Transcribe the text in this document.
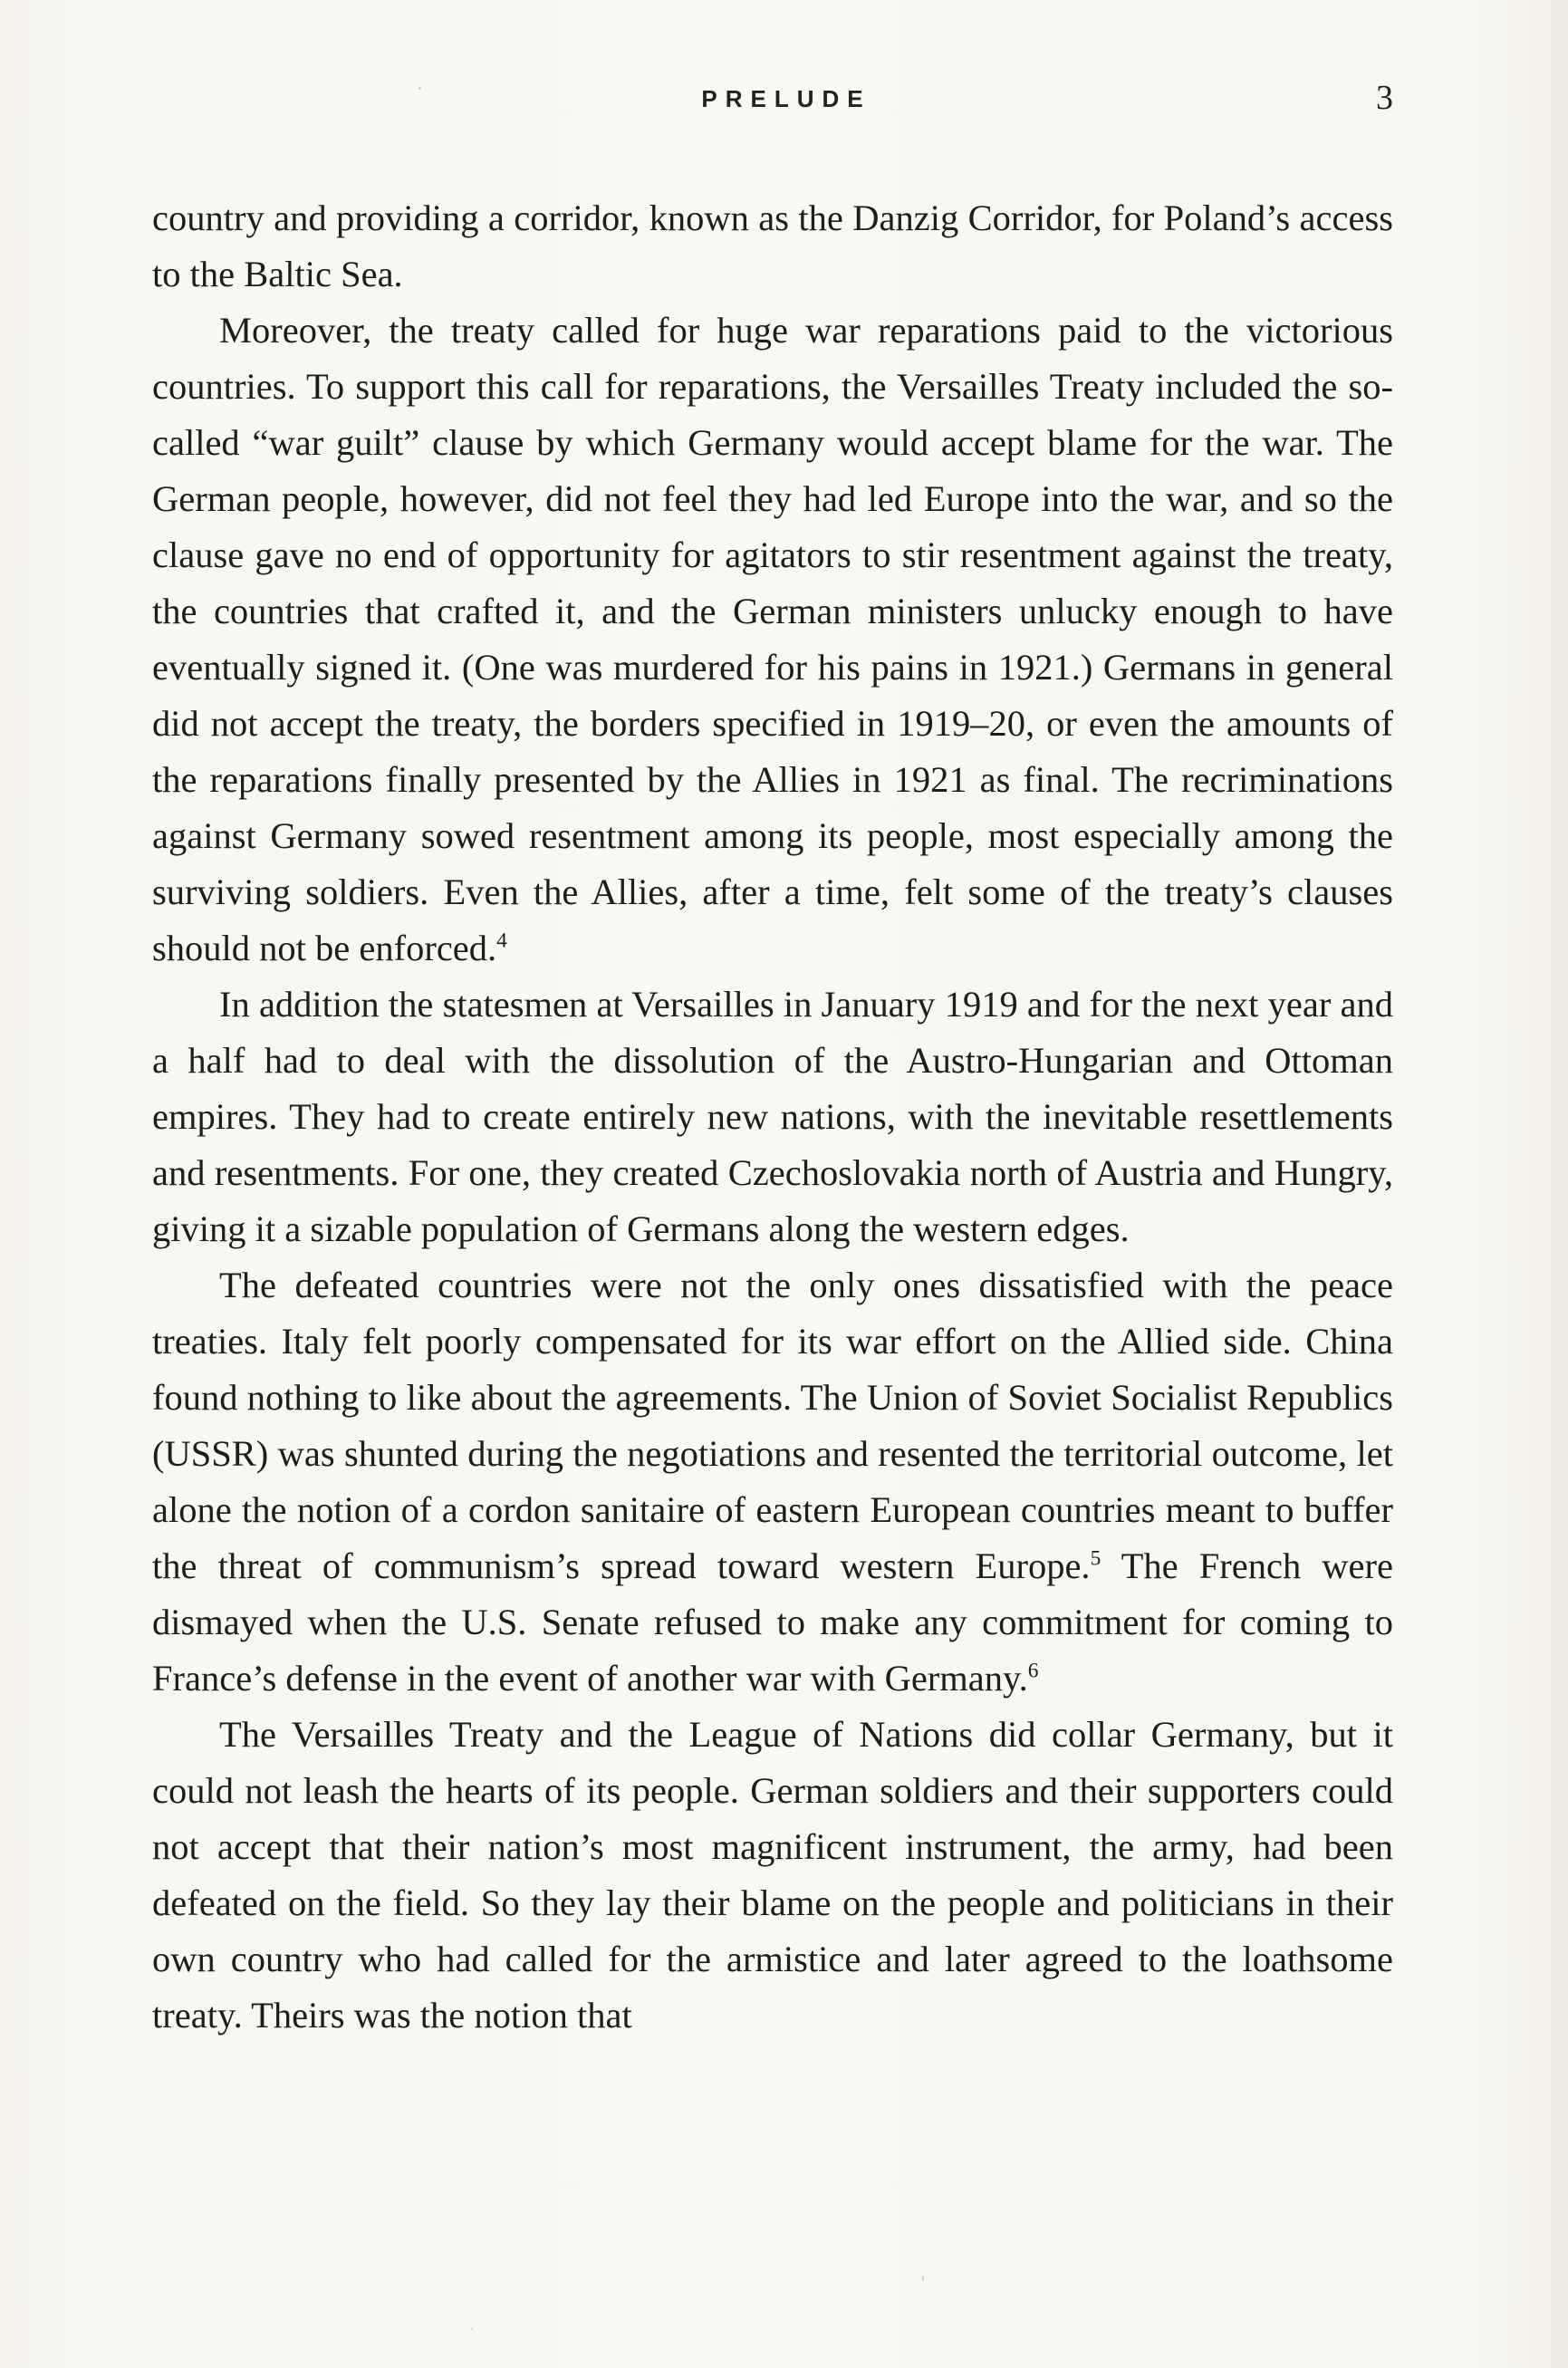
PRELUDE	3

country and providing a corridor, known as the Danzig Corridor, for Poland’s access to the Baltic Sea.

Moreover, the treaty called for huge war reparations paid to the victorious countries. To support this call for reparations, the Versailles Treaty included the so-called “war guilt” clause by which Germany would accept blame for the war. The German people, however, did not feel they had led Europe into the war, and so the clause gave no end of opportunity for agitators to stir resentment against the treaty, the countries that crafted it, and the German ministers unlucky enough to have eventually signed it. (One was murdered for his pains in 1921.) Germans in general did not accept the treaty, the borders specified in 1919–20, or even the amounts of the reparations finally presented by the Allies in 1921 as final. The recriminations against Germany sowed resentment among its people, most especially among the surviving soldiers. Even the Allies, after a time, felt some of the treaty’s clauses should not be enforced.$^4$

In addition the statesmen at Versailles in January 1919 and for the next year and a half had to deal with the dissolution of the Austro-Hungarian and Ottoman empires. They had to create entirely new nations, with the inevitable resettlements and resentments. For one, they created Czechoslovakia north of Austria and Hungry, giving it a sizable population of Germans along the western edges.

The defeated countries were not the only ones dissatisfied with the peace treaties. Italy felt poorly compensated for its war effort on the Allied side. China found nothing to like about the agreements. The Union of Soviet Socialist Republics (USSR) was shunted during the negotiations and resented the territorial outcome, let alone the notion of a cordon sanitaire of eastern European countries meant to buffer the threat of communism’s spread toward western Europe.$^5$ The French were dismayed when the U.S. Senate refused to make any commitment for coming to France’s defense in the event of another war with Germany.$^6$

The Versailles Treaty and the League of Nations did collar Germany, but it could not leash the hearts of its people. German soldiers and their supporters could not accept that their nation’s most magnificent instrument, the army, had been defeated on the field. So they lay their blame on the people and politicians in their own country who had called for the armistice and later agreed to the loathsome treaty. Theirs was the notion that
